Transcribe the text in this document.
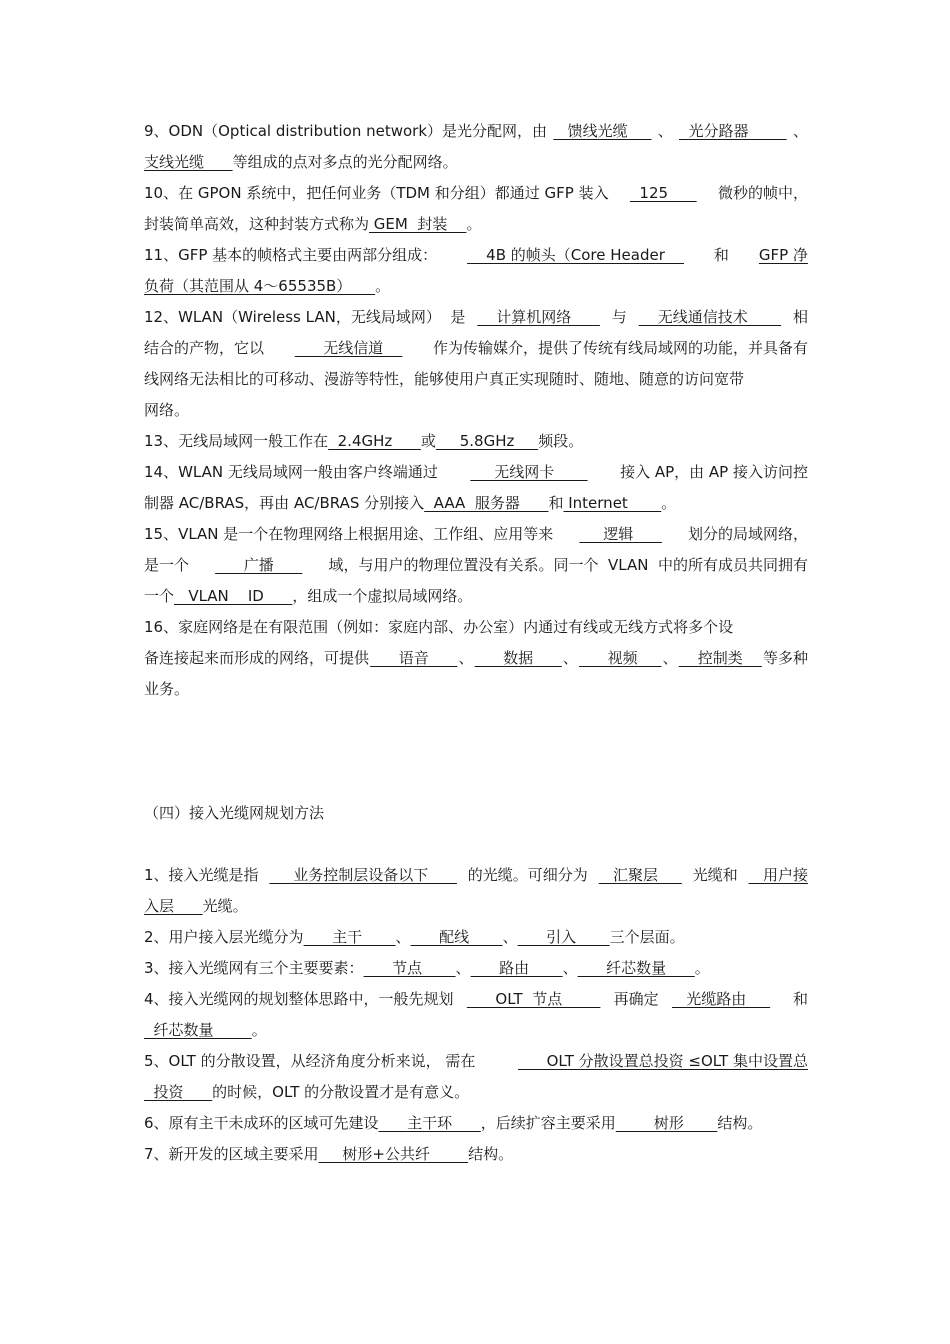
9、ODN（Optical distribution network）是光分配网，由 馈线光缆 、 光分路器 、
支线光缆      等组成的点对多点的光分配网络。
10、在 GPON 系统中，把任何业务（TDM 和分组）都通过 GFP 装入 125 微秒的帧中，
封装简单高效，这种封装方式称为 GEM  封装    。
11、GFP 基本的帧格式主要由两部分组成： 4B 的帧头（Core Header 和 GFP 净
负荷（其范围从 4～65535B）     。
12、WLAN（Wireless LAN，无线局域网）  是 计算机网络 与 无线通信技术 相
结合的产物，它以 无线信道 作为传输媒介，提供了传统有线局域网的功能，并具备有
线网络无法相比的可移动、漫游等特性，能够使用户真正实现随时、随地、随意的访问宽带
网络。
13、无线局域网一般工作在  2.4GHz      或     5.8GHz     频段。
14、WLAN 无线局域网一般由客户终端通过 无线网卡 接入 AP，由 AP 接入访问控
制器 AC/BRAS，再由 AC/BRAS 分别接入  AAA  服务器      和 Internet       。
15、VLAN 是一个在物理网络上根据用途、工作组、应用等来 逻辑 划分的局域网络，
是一个 广播 域，与用户的物理位置没有关系。同一个  VLAN  中的所有成员共同拥有
一个   VLAN    ID      ，组成一个虚拟局域网络。
16、家庭网络是在有限范围（例如：家庭内部、办公室）内通过有线或无线方式将多个设
备连接起来而形成的网络，可提供 语音 、 数据 、 视频 、 控制类 等多种
业务。
（四）接入光缆网规划方法
1、接入光缆是指 业务控制层设备以下 的光缆。可细分为 汇聚层 光缆和 用户接
入层      光缆。
2、用户接入层光缆分为      主干       、      配线       、      引入       三个层面。
3、接入光缆网有三个主要要素：      节点       、      路由       、      纤芯数量      。
4、接入光缆网的规划整体思路中，一般先规划 OLT  节点 再确定 光缆路由 和
纤芯数量        。
5、OLT 的分散设置，从经济角度分析来说， 需在	OLT 分散设置总投资 ≤OLT 集中设置总
投资      的时候，OLT 的分散设置才是有意义。
6、原有主干未成环的区域可先建设      主干环      ，后续扩容主要采用        树形       结构。
7、新开发的区域主要采用     树形+公共纤        结构。
